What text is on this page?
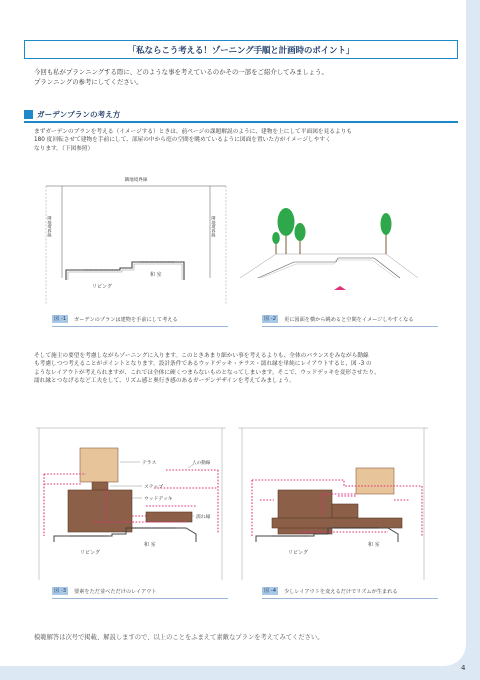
「私ならこう考える！ゾーニング手順と計画時のポイント」

今回も私がプランニングする際に、どのような事を考えているのかその一部をご紹介してみましょう。

プランニングの参考にしてください。

ガーデンプランの考え方

まずガーデンのプランを考える（イメージする）ときは、前ページの課題解説のように、建物を上にして平面図を見るよりも

180 度回転させて建物を手前にして、部屋の中から庭の空間を眺めているように図面を置いた方がイメージしやすく

なります。（下図参照）

隣地境界線
隣地境界線	隣地境界線
リビング
和 室
図 -1	ガーデンのプランは建物を手前にして考える	図 -2	更に図面を横から眺めると空間をイメージしやすくなる

そして施主の要望を考慮しながらゾーニングに入ります。このときあまり細かい事を考えるよりも、全体のバランスをみながら動線

も考慮しつつ考えることがポイントとなります。設計条件であるウッドデッキ・テラス・濡れ縁を単純にレイアウトすると、図 -3 の

ようなレイアウトが考えられますが、これでは全体に硬くつまらないものとなってしまいます。そこで、ウッドデッキを変形させたり、

濡れ縁とつなげるなど工夫をして、リズム感と奥行き感のあるガーデンデザインを考えてみましょう。

テラス	人の動線
ステップ
ウッドデッキ
濡れ縁
リビング
和 室
リビング
和 室
図 -3	要素をただ並べただけのレイアウト	図 -4	少しレイアウトを変えるだけでリズムが生まれる
模範解答は次号で掲載、解説しますので、以上のことをふまえて素敵なプランを考えてみてください。
4
